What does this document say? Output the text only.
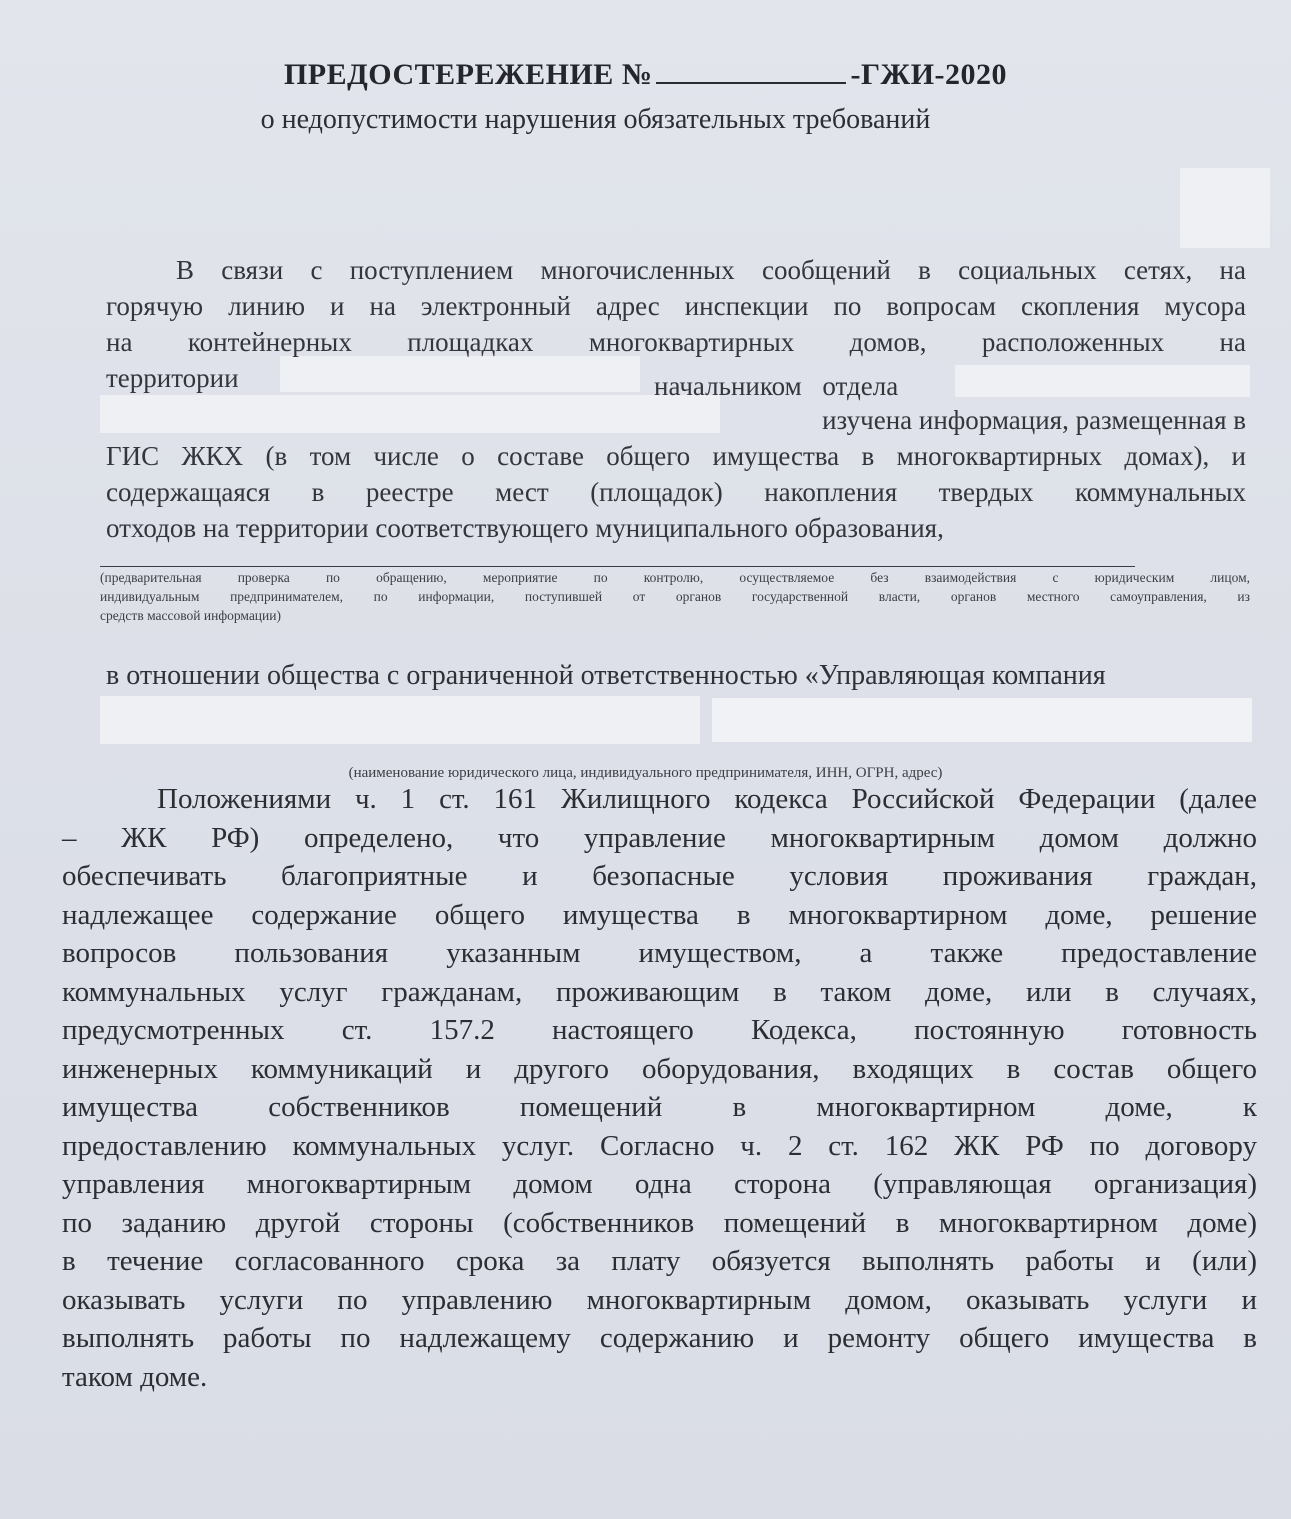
ПРЕДОСТЕРЕЖЕНИЕ №	-ГЖИ-2020
о недопустимости нарушения обязательных требований
В связи с поступлением многочисленных сообщений в социальных сетях, на
горячую линию и на электронный адрес инспекции по вопросам скопления мусора
на контейнерных площадках многоквартирных домов, расположенных на
территории	начальником отдела
изучена информация, размещенная в
ГИС ЖКХ (в том числе о составе общего имущества в многоквартирных домах), и
содержащаяся в реестре мест (площадок) накопления твердых коммунальных
отходов на территории соответствующего муниципального образования,
(предварительная проверка по обращению, мероприятие по контролю, осуществляемое без взаимодействия с юридическим лицом,
индивидуальным предпринимателем, по информации, поступившей от органов государственной власти, органов местного самоуправления, из
средств массовой информации)
в отношении общества с ограниченной ответственностью «Управляющая компания
(наименование юридического лица, индивидуального предпринимателя, ИНН, ОГРН, адрес)
Положениями ч. 1 ст. 161 Жилищного кодекса Российской Федерации (далее
– ЖК РФ) определено, что управление многоквартирным домом должно
обеспечивать благоприятные и безопасные условия проживания граждан,
надлежащее содержание общего имущества в многоквартирном доме, решение
вопросов пользования указанным имуществом, а также предоставление
коммунальных услуг гражданам, проживающим в таком доме, или в случаях,
предусмотренных ст. 157.2 настоящего Кодекса, постоянную готовность
инженерных коммуникаций и другого оборудования, входящих в состав общего
имущества собственников помещений в многоквартирном доме, к
предоставлению коммунальных услуг. Согласно ч. 2 ст. 162 ЖК РФ по договору
управления многоквартирным домом одна сторона (управляющая организация)
по заданию другой стороны (собственников помещений в многоквартирном доме)
в течение согласованного срока за плату обязуется выполнять работы и (или)
оказывать услуги по управлению многоквартирным домом, оказывать услуги и
выполнять работы по надлежащему содержанию и ремонту общего имущества в
таком доме.
